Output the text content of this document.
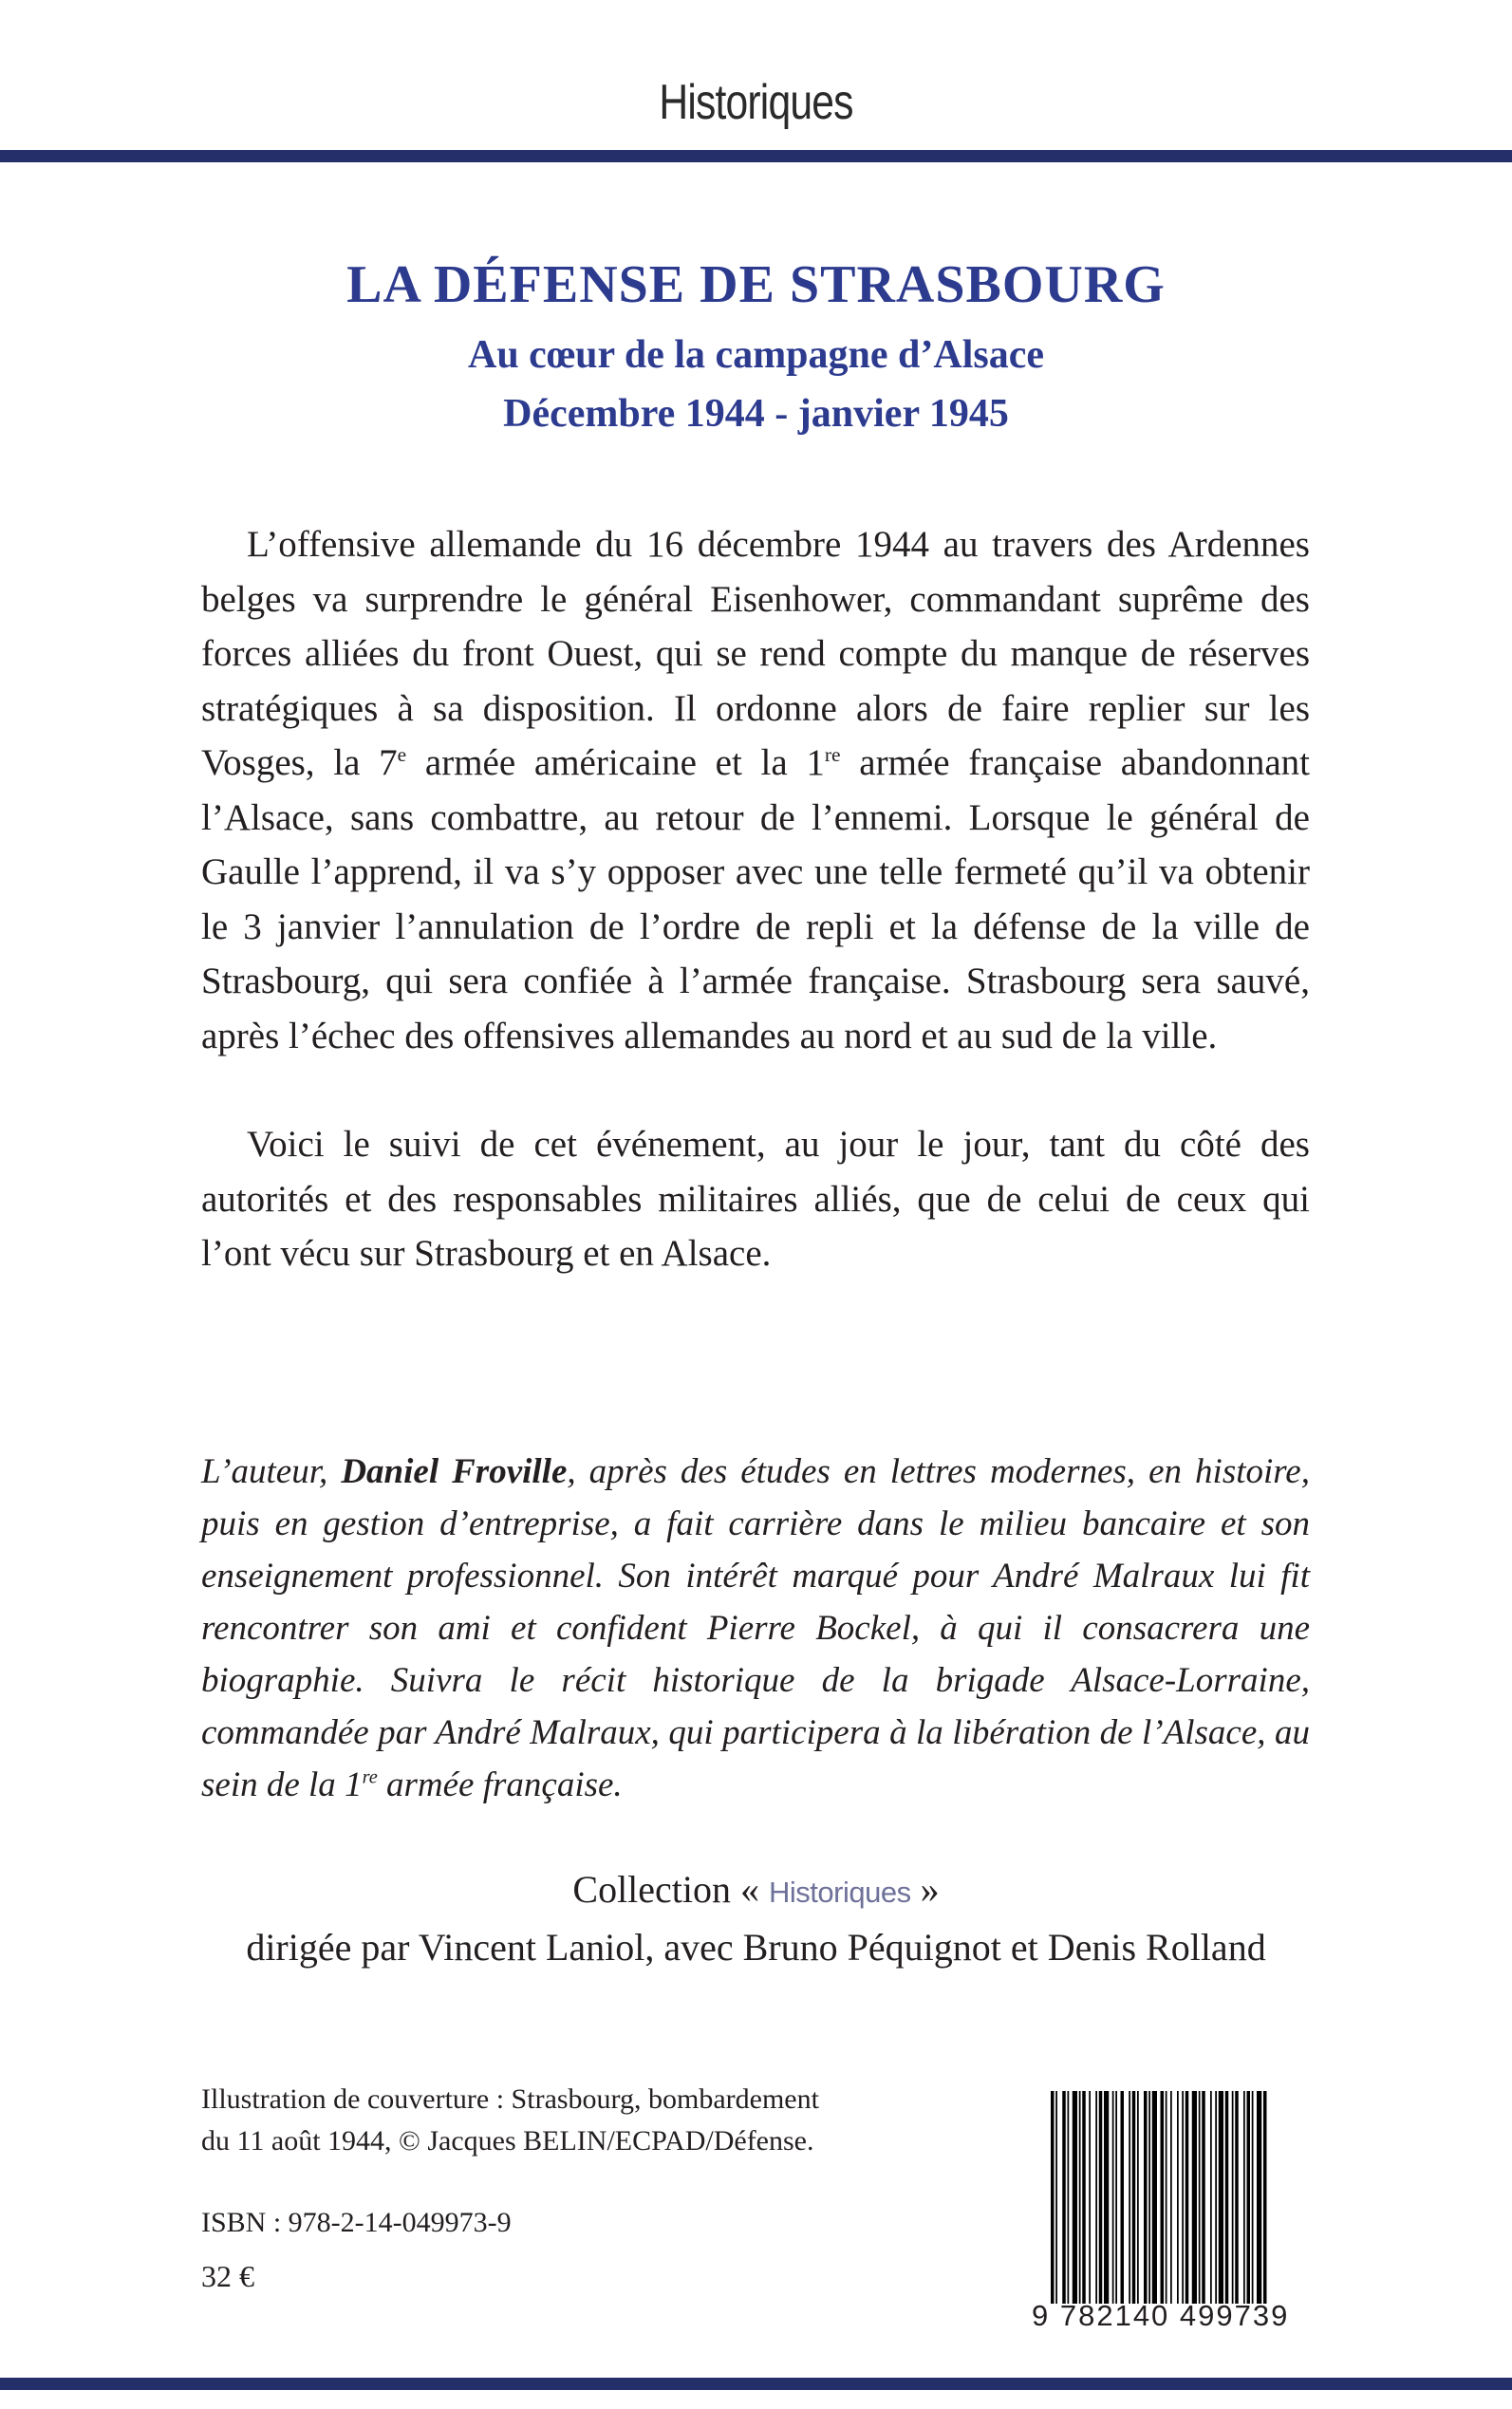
Historiques
LA DÉFENSE DE STRASBOURG
Au cœur de la campagne d’Alsace
Décembre 1944 - janvier 1945

L’offensive allemande du 16 décembre 1944 au travers des Ardennes belges va surprendre le général Eisenhower, commandant suprême des forces alliées du front Ouest, qui se rend compte du manque de réserves stratégiques à sa disposition. Il ordonne alors de faire replier sur les Vosges, la 7e armée américaine et la 1re armée française abandonnant l’Alsace, sans combattre, au retour de l’ennemi. Lorsque le général de Gaulle l’apprend, il va s’y opposer avec une telle fermeté qu’il va obtenir le 3 janvier l’annulation de l’ordre de repli et la défense de la ville de Strasbourg, qui sera confiée à l’armée française. Strasbourg sera sauvé, après l’échec des offensives allemandes au nord et au sud de la ville.

Voici le suivi de cet événement, au jour le jour, tant du côté des autorités et des responsables militaires alliés, que de celui de ceux qui l’ont vécu sur Strasbourg et en Alsace.

L’auteur, Daniel Froville, après des études en lettres modernes, en histoire, puis en gestion d’entreprise, a fait carrière dans le milieu bancaire et son enseignement professionnel. Son intérêt marqué pour André Malraux lui fit rencontrer son ami et confident Pierre Bockel, à qui il consacrera une biographie. Suivra le récit historique de la brigade Alsace-Lorraine, commandée par André Malraux, qui participera à la libération de l’Alsace, au sein de la 1re armée française.
Collection « Historiques »
dirigée par Vincent Laniol, avec Bruno Péquignot et Denis Rolland
Illustration de couverture : Strasbourg, bombardement
du 11 août 1944, © Jacques BELIN/ECPAD/Défense.
ISBN : 978-2-14-049973-9
32 €
9 782140 499739
